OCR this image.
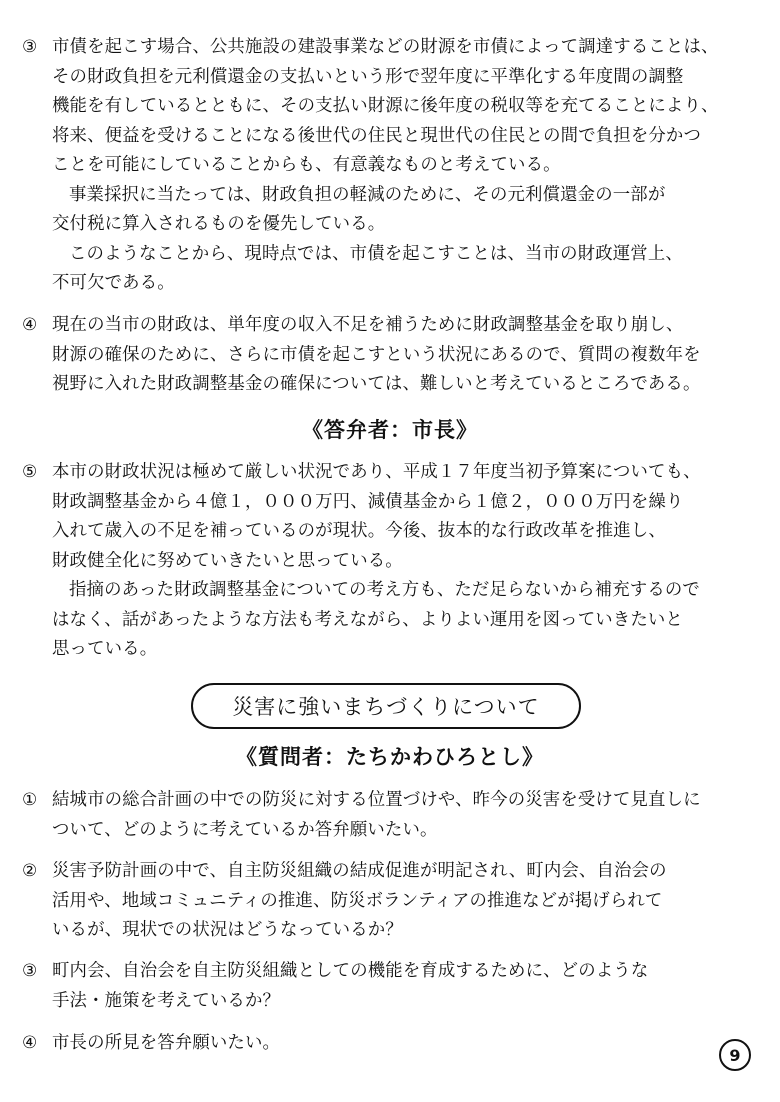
③ 市債を起こす場合、公共施設の建設事業などの財源を市債によって調達することは、
その財政負担を元利償還金の支払いという形で翌年度に平準化する年度間の調整
機能を有しているとともに、その支払い財源に後年度の税収等を充てることにより、
将来、便益を受けることになる後世代の住民と現世代の住民との間で負担を分かつ
ことを可能にしていることからも、有意義なものと考えている。
事業採択に当たっては、財政負担の軽減のために、その元利償還金の一部が
交付税に算入されるものを優先している。
このようなことから、現時点では、市債を起こすことは、当市の財政運営上、
不可欠である。
④ 現在の当市の財政は、単年度の収入不足を補うために財政調整基金を取り崩し、
財源の確保のために、さらに市債を起こすという状況にあるので、質問の複数年を
視野に入れた財政調整基金の確保については、難しいと考えているところである。
《答弁者：市長》
⑤ 本市の財政状況は極めて厳しい状況であり、平成１７年度当初予算案についても、
財政調整基金から４億１，０００万円、減債基金から１億２，０００万円を繰り
入れて歳入の不足を補っているのが現状。今後、抜本的な行政改革を推進し、
財政健全化に努めていきたいと思っている。
指摘のあった財政調整基金についての考え方も、ただ足らないから補充するので
はなく、話があったような方法も考えながら、よりよい運用を図っていきたいと
思っている。
災害に強いまちづくりについて
《質問者：たちかわひろとし》
① 結城市の総合計画の中での防災に対する位置づけや、昨今の災害を受けて見直しに
ついて、どのように考えているか答弁願いたい。
② 災害予防計画の中で、自主防災組織の結成促進が明記され、町内会、自治会の
活用や、地域コミュニティの推進、防災ボランティアの推進などが掲げられて
いるが、現状での状況はどうなっているか？
③ 町内会、自治会を自主防災組織としての機能を育成するために、どのような
手法・施策を考えているか？
④ 市長の所見を答弁願いたい。
9
